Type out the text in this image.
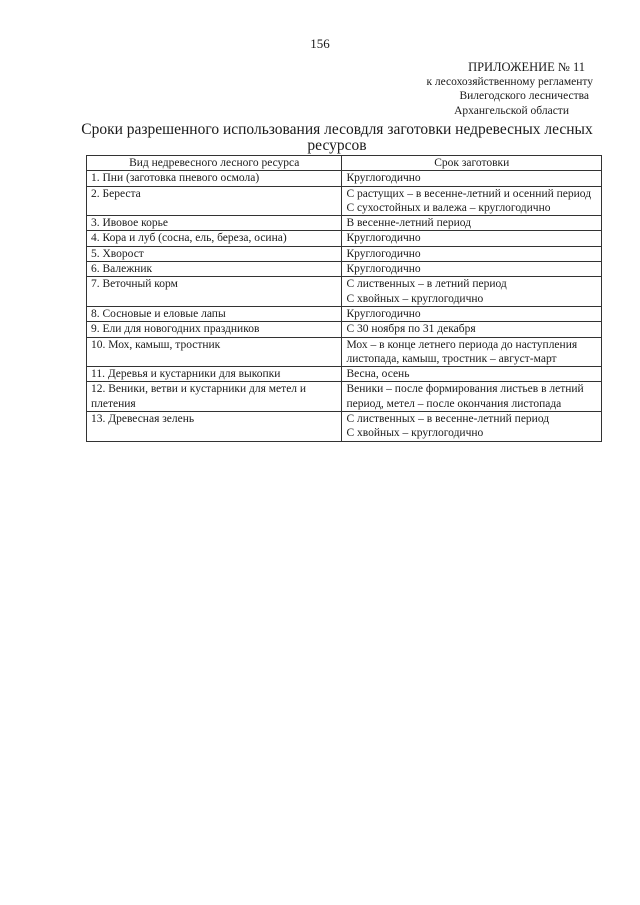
156
ПРИЛОЖЕНИЕ № 11
к лесохозяйственному регламенту
Вилегодского лесничества
Архангельской области
Сроки разрешенного использования лесовдля заготовки недревесных лесных ресурсов
Вид недревесного лесного ресурса	Срок заготовки
1. Пни (заготовка пневого осмола)	Круглогодично

2. Береста	С растущих – в весенне-летний и осенний период
С сухостойных и валежа – круглогодично

3. Ивовое корье	В весенне-летний период

4. Кора и луб (сосна, ель, береза, осина)	Круглогодично

5. Хворост	Круглогодично

6. Валежник	Круглогодично

7. Веточный корм	С лиственных – в летний период
С хвойных – круглогодично

8. Сосновые и еловые лапы	Круглогодично

9. Ели для новогодних праздников	С 30 ноября по 31 декабря

10. Мох, камыш, тростник	Мох – в конце летнего периода до наступления листопада, камыш, тростник – август-март

11. Деревья и кустарники для выкопки	Весна, осень

12. Веники, ветви и кустарники для метел и плетения	Веники – после формирования листьев в летний период, метел – после окончания листопада

13. Древесная зелень	С лиственных – в весенне-летний период
С хвойных – круглогодично
